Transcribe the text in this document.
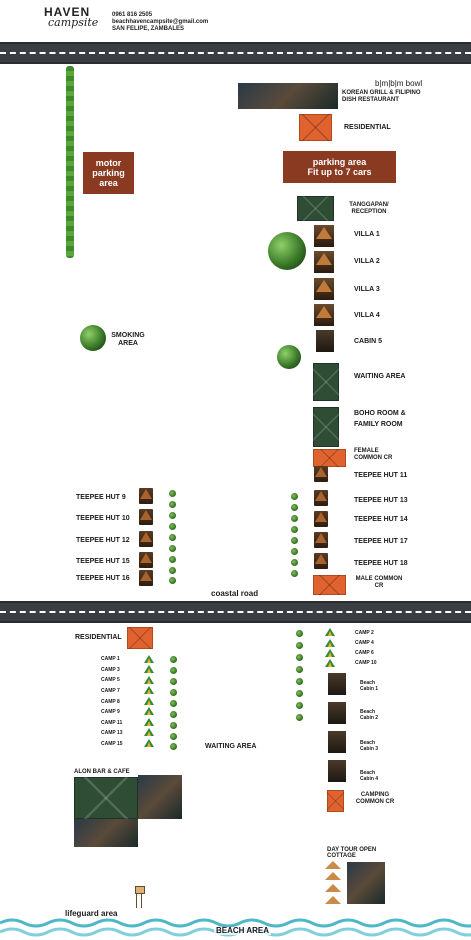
HAVEN
campsite
0961 816 2505
beachhavencampsite@gmail.com
SAN FELIPE, ZAMBALES
b|m|b|m bowl
KOREAN GRILL & FILIPINO DISH RESTAURANT
RESIDENTIAL
motor parking area
parking area
Fit up to 7 cars
TANGGAPAN/ RECEPTION
VILLA 1
VILLA 2
VILLA 3
VILLA 4
CABIN 5
SMOKING AREA
WAITING AREA
BOHO ROOM & FAMILY ROOM
FEMALE COMMON CR
TEEPEE HUT 11
TEEPEE HUT 13
TEEPEE HUT 14
TEEPEE HUT 17
TEEPEE HUT 18
MALE COMMON CR
TEEPEE HUT 9
TEEPEE HUT 10
TEEPEE HUT 12
TEEPEE HUT 15
TEEPEE HUT 16
coastal road
RESIDENTIAL
CAMP 1
CAMP 3
CAMP 5
CAMP 7
CAMP 8
CAMP 9
CAMP 11
CAMP 13
CAMP 15
CAMP 2
CAMP 4
CAMP 6
CAMP 10
Beach Cabin 1
Beach Cabin 2
Beach Cabin 3
Beach Cabin 4
WAITING AREA
ALON BAR & CAFE
CAMPING COMMON CR
DAY TOUR OPEN COTTAGE
lifeguard area
BEACH AREA
